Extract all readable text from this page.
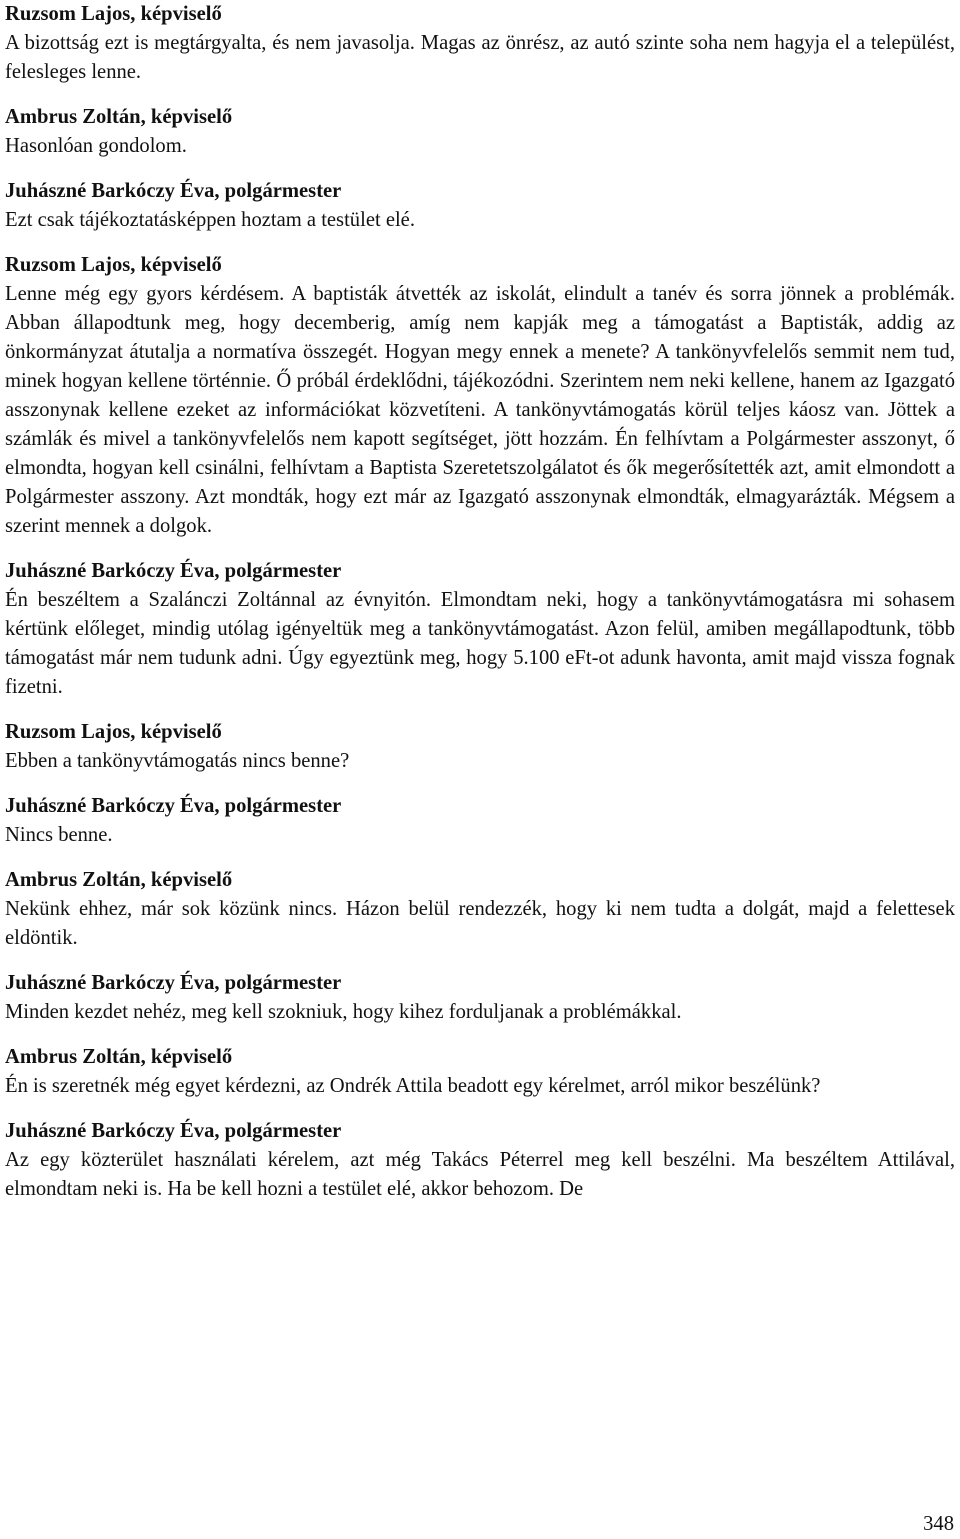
Ruzsom Lajos, képviselő
A bizottság ezt is megtárgyalta, és nem javasolja. Magas az önrész, az autó szinte soha nem hagyja el a települést, felesleges lenne.
Ambrus Zoltán, képviselő
Hasonlóan gondolom.
Juhászné Barkóczy Éva, polgármester
Ezt csak tájékoztatásképpen hoztam a testület elé.
Ruzsom Lajos, képviselő
Lenne még egy gyors kérdésem. A baptisták átvették az iskolát, elindult a tanév és sorra jönnek a problémák. Abban állapodtunk meg, hogy decemberig, amíg nem kapják meg a támogatást a Baptisták, addig az önkormányzat átutalja a normatíva összegét. Hogyan megy ennek a menete? A tankönyvfelelős semmit nem tud, minek hogyan kellene történnie. Ő próbál érdeklődni, tájékozódni. Szerintem nem neki kellene, hanem az Igazgató asszonynak kellene ezeket az információkat közvetíteni. A tankönyvtámogatás körül teljes káosz van. Jöttek a számlák és mivel a tankönyvfelelős nem kapott segítséget, jött hozzám. Én felhívtam a Polgármester asszonyt, ő elmondta, hogyan kell csinálni, felhívtam a Baptista Szeretetszolgálatot és ők megerősítették azt, amit elmondott a Polgármester asszony. Azt mondták, hogy ezt már az Igazgató asszonynak elmondták, elmagyarázták. Mégsem a szerint mennek a dolgok.
Juhászné Barkóczy Éva, polgármester
Én beszéltem a Szalánczi Zoltánnal az évnyitón. Elmondtam neki, hogy a tankönyvtámogatásra mi sohasem kértünk előleget, mindig utólag igényeltük meg a tankönyvtámogatást. Azon felül, amiben megállapodtunk, több támogatást már nem tudunk adni. Úgy egyeztünk meg, hogy 5.100 eFt-ot adunk havonta, amit majd vissza fognak fizetni.
Ruzsom Lajos, képviselő
Ebben a tankönyvtámogatás nincs benne?
Juhászné Barkóczy Éva, polgármester
Nincs benne.
Ambrus Zoltán, képviselő
Nekünk ehhez, már sok közünk nincs. Házon belül rendezzék, hogy ki nem tudta a dolgát, majd a felettesek eldöntik.
Juhászné Barkóczy Éva, polgármester
Minden kezdet nehéz, meg kell szokniuk, hogy kihez forduljanak a problémákkal.
Ambrus Zoltán, képviselő
Én is szeretnék még egyet kérdezni, az Ondrék Attila beadott egy kérelmet, arról mikor beszélünk?
Juhászné Barkóczy Éva, polgármester
Az egy közterület használati kérelem, azt még Takács Péterrel meg kell beszélni. Ma beszéltem Attilával, elmondtam neki is. Ha be kell hozni a testület elé, akkor behozom. De
348
